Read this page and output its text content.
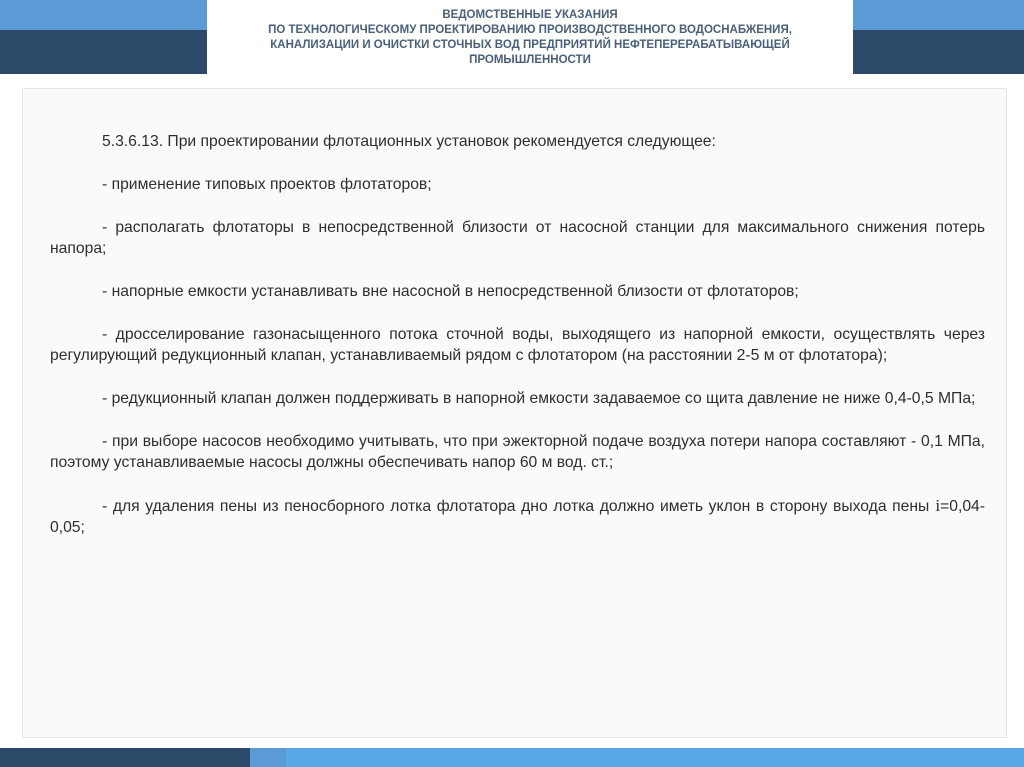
ВЕДОМСТВЕННЫЕ УКАЗАНИЯ
ПО ТЕХНОЛОГИЧЕСКОМУ ПРОЕКТИРОВАНИЮ ПРОИЗВОДСТВЕННОГО ВОДОСНАБЖЕНИЯ,
КАНАЛИЗАЦИИ И ОЧИСТКИ СТОЧНЫХ ВОД ПРЕДПРИЯТИЙ НЕФТЕПЕРЕРАБАТЫВАЮЩЕЙ
ПРОМЫШЛЕННОСТИ

5.3.6.13. При проектировании флотационных установок рекомендуется следующее:

- применение типовых проектов флотаторов;

- располагать флотаторы в непосредственной близости от насосной станции для максимального снижения потерь напора;

- напорные емкости устанавливать вне насосной в непосредственной близости от флотаторов;

- дросселирование газонасыщенного потока сточной воды, выходящего из напорной емкости, осуществлять через регулирующий редукционный клапан, устанавливаемый рядом с флотатором (на расстоянии 2-5 м от флотатора);

- редукционный клапан должен поддерживать в напорной емкости задаваемое со щита давление не ниже 0,4-0,5 МПа;

- при выборе насосов необходимо учитывать, что при эжекторной подаче воздуха потери напора составляют - 0,1 МПа, поэтому устанавливаемые насосы должны обеспечивать напор 60 м вод. ст.;

- для удаления пены из пеносборного лотка флотатора дно лотка должно иметь уклон в сторону выхода пены i=0,04-0,05;
